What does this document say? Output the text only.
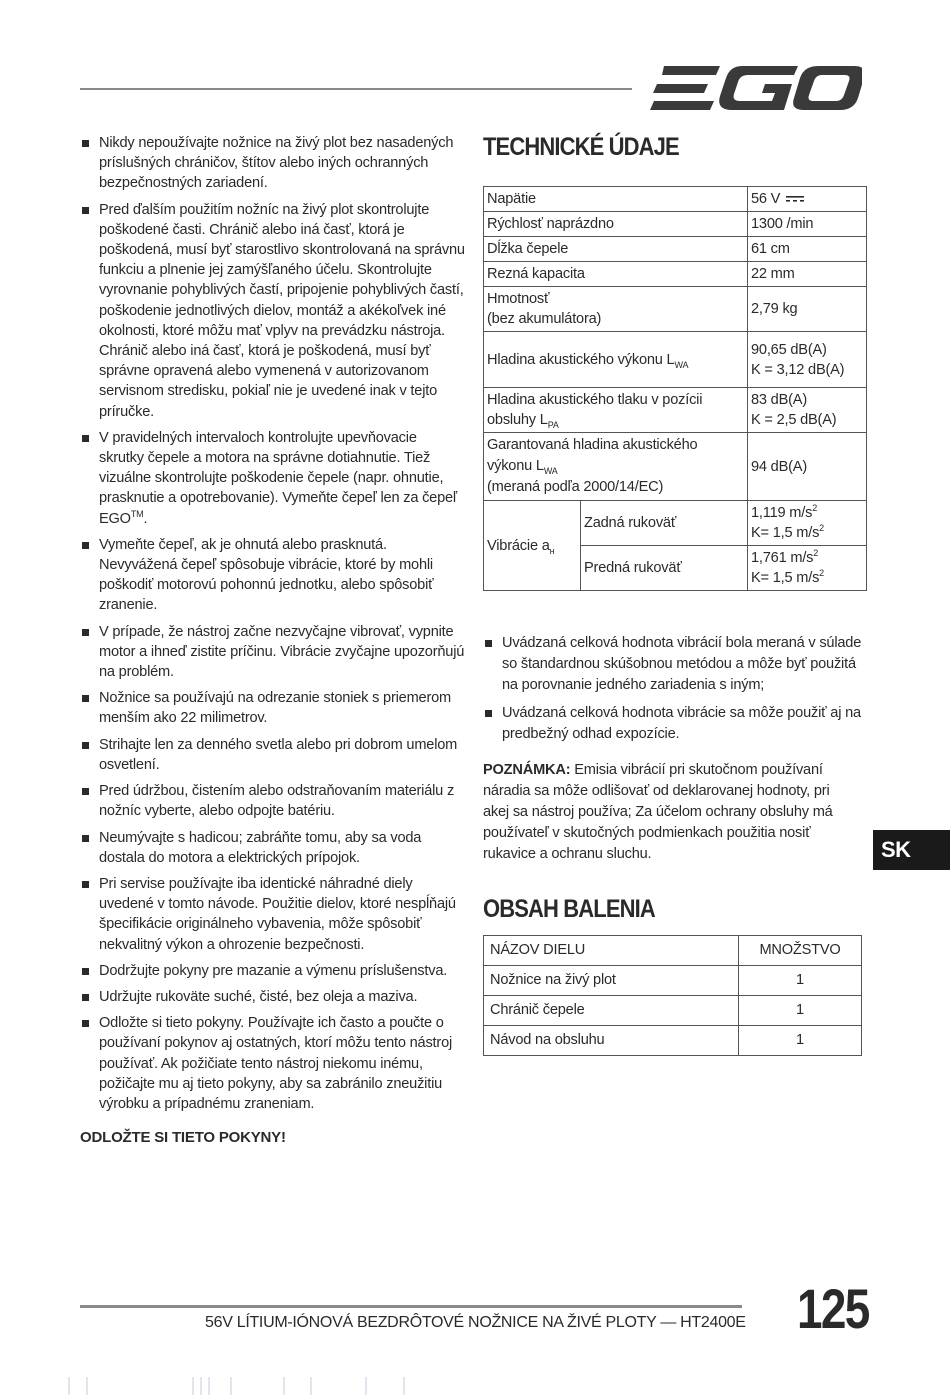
Nikdy nepoužívajte nožnice na živý plot bez nasadených príslušných chráničov, štítov alebo iných ochranných bezpečnostných zariadení.
Pred ďalším použitím nožníc na živý plot skontrolujte poškodené časti. Chránič alebo iná časť, ktorá je poškodená, musí byť starostlivo skontrolovaná na správnu funkciu a plnenie jej zamýšľaného účelu. Skontrolujte vyrovnanie pohyblivých častí, pripojenie pohyblivých častí, poškodenie jednotlivých dielov, montáž a akékoľvek iné okolnosti, ktoré môžu mať vplyv na prevádzku nástroja. Chránič alebo iná časť, ktorá je poškodená, musí byť správne opravená alebo vymenená v autorizovanom servisnom stredisku, pokiaľ nie je uvedené inak v tejto príručke.
V pravidelných intervaloch kontrolujte upevňovacie skrutky čepele a motora na správne dotiahnutie. Tiež vizuálne skontrolujte poškodenie čepele (napr. ohnutie, prasknutie a opotrebovanie). Vymeňte čepeľ len za čepeľ EGO™.
Vymeňte čepeľ, ak je ohnutá alebo prasknutá. Nevyvážená čepeľ spôsobuje vibrácie, ktoré by mohli poškodiť motorovú pohonnú jednotku, alebo spôsobiť zranenie.
V prípade, že nástroj začne nezvyčajne vibrovať, vypnite motor a ihneď zistite príčinu. Vibrácie zvyčajne upozorňujú na problém.
Nožnice sa používajú na odrezanie stoniek s priemerom menším ako 22 milimetrov.
Strihajte len za denného svetla alebo pri dobrom umelom osvetlení.
Pred údržbou, čistením alebo odstraňovaním materiálu z nožníc vyberte, alebo odpojte batériu.
Neumývajte s hadicou; zabráňte tomu, aby sa voda dostala do motora a elektrických prípojok.
Pri servise používajte iba identické náhradné diely uvedené v tomto návode. Použitie dielov, ktoré nespĺňajú špecifikácie originálneho vybavenia, môže spôsobiť nekvalitný výkon a ohrozenie bezpečnosti.
Dodržujte pokyny pre mazanie a výmenu príslušenstva.
Udržujte rukoväte suché, čisté, bez oleja a maziva.
Odložte si tieto pokyny. Používajte ich často a poučte o používaní pokynov aj ostatných, ktorí môžu tento nástroj používať. Ak požičiate tento nástroj niekomu inému, požičajte mu aj tieto pokyny, aby sa zabránilo zneužitiu výrobku a prípadnému zraneniam.
ODLOŽTE SI TIETO POKYNY!
TECHNICKÉ ÚDAJE
Napätie		56 V
Rýchlosť naprázdno		1300 /min
Dĺžka čepele		61 cm
Rezná kapacita		22 mm
Hmotnosť
(bez akumulátora)		2,79 kg
Hladina akustického výkonu $L_{WA}$		90,65 dB(A)
K = 3,12 dB(A)
Hladina akustického tlaku v pozícii
obsluhy $L_{PA}$		83 dB(A)
K = 2,5 dB(A)
Garantovaná hladina akustického
výkonu $L_{WA}$
(meraná podľa 2000/14/EC)		94 dB(A)
Vibrácie $a_н$	Zadná rukoväť	1,119 $m/s^2$
K= 1,5 $m/s^2$
	Predná rukoväť	1,761 $m/s^2$
K= 1,5 $m/s^2$
Uvádzaná celková hodnota vibrácií bola meraná v súlade so štandardnou skúšobnou metódou a môže byť použitá na porovnanie jedného zariadenia s iným;
Uvádzaná celková hodnota vibrácie sa môže použiť aj na predbežný odhad expozície.
POZNÁMKA: Emisia vibrácií pri skutočnom používaní náradia sa môže odlišovať od deklarovanej hodnoty, pri akej sa nástroj používa; Za účelom ochrany obsluhy má používateľ v skutočných podmienkach použitia nosiť rukavice a ochranu sluchu.
OBSAH BALENIA
NÁZOV DIELU	MNOŽSTVO
Nožnice na živý plot	1
Chránič čepele	1
Návod na obsluhu	1
SK
56V LÍTIUM-IÓNOVÁ BEZDRÔTOVÉ NOŽNICE NA ŽIVÉ PLOTY — HT2400E 125
